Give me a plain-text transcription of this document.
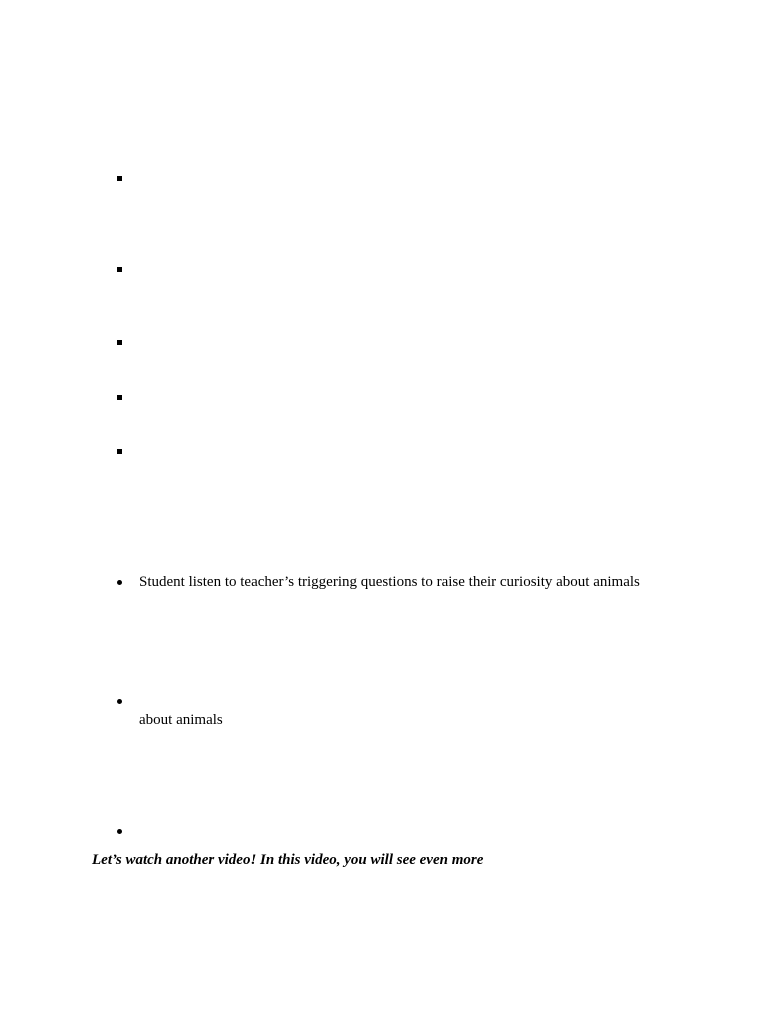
Student listen to teacher’s triggering questions to raise their curiosity about animals
about animals

Let’s watch another video! In this video, you will see even more
